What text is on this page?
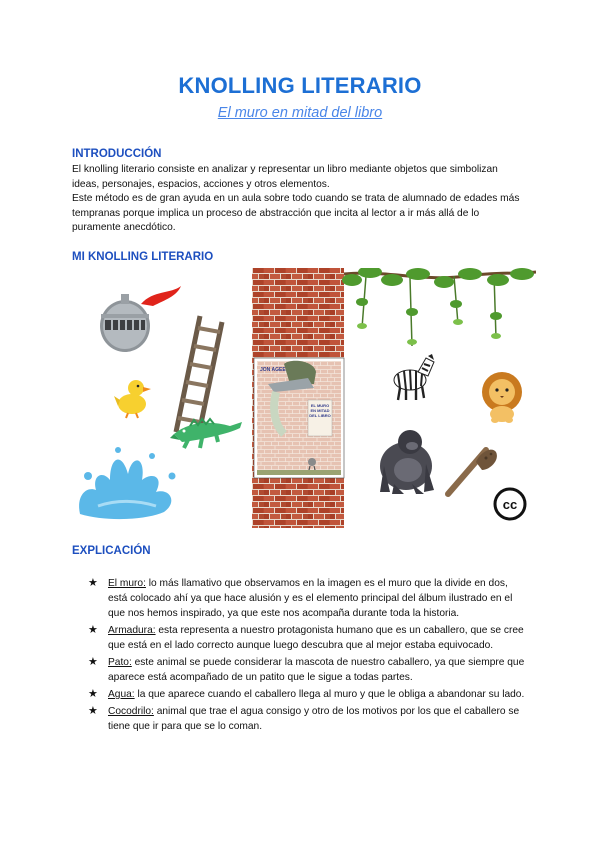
KNOLLING LITERARIO
El muro en mitad del libro
INTRODUCCIÓN

El knolling literario consiste en analizar y representar un libro mediante objetos que simbolizan ideas, personajes, espacios, acciones y otros elementos.

Este método es de gran ayuda en un aula sobre todo cuando se trata de alumnado de edades más tempranas porque implica un proceso de abstracción que incita al lector a ir más allá de lo puramente anecdótico.

MI KNOLLING LITERARIO
JON AGEE
EL MURO EN MITAD DEL LIBRO
cc
EXPLICACIÓN
★ El muro: lo más llamativo que observamos en la imagen es el muro que la divide en dos, está colocado ahí ya que hace alusión y es el elemento principal del álbum ilustrado en el que nos hemos inspirado, ya que este nos acompaña durante toda la historia.
★ Armadura: esta representa a nuestro protagonista humano que es un caballero, que se cree que está en el lado correcto aunque luego descubra que al mejor estaba equivocado.
★ Pato: este animal se puede considerar la mascota de nuestro caballero, ya que siempre que aparece está acompañado de un patito que le sigue a todas partes.
★ Agua: la que aparece cuando el caballero llega al muro y que le obliga a abandonar su lado.
★ Cocodrilo: animal que trae el agua consigo y otro de los motivos por los que el caballero se tiene que ir para que se lo coman.
